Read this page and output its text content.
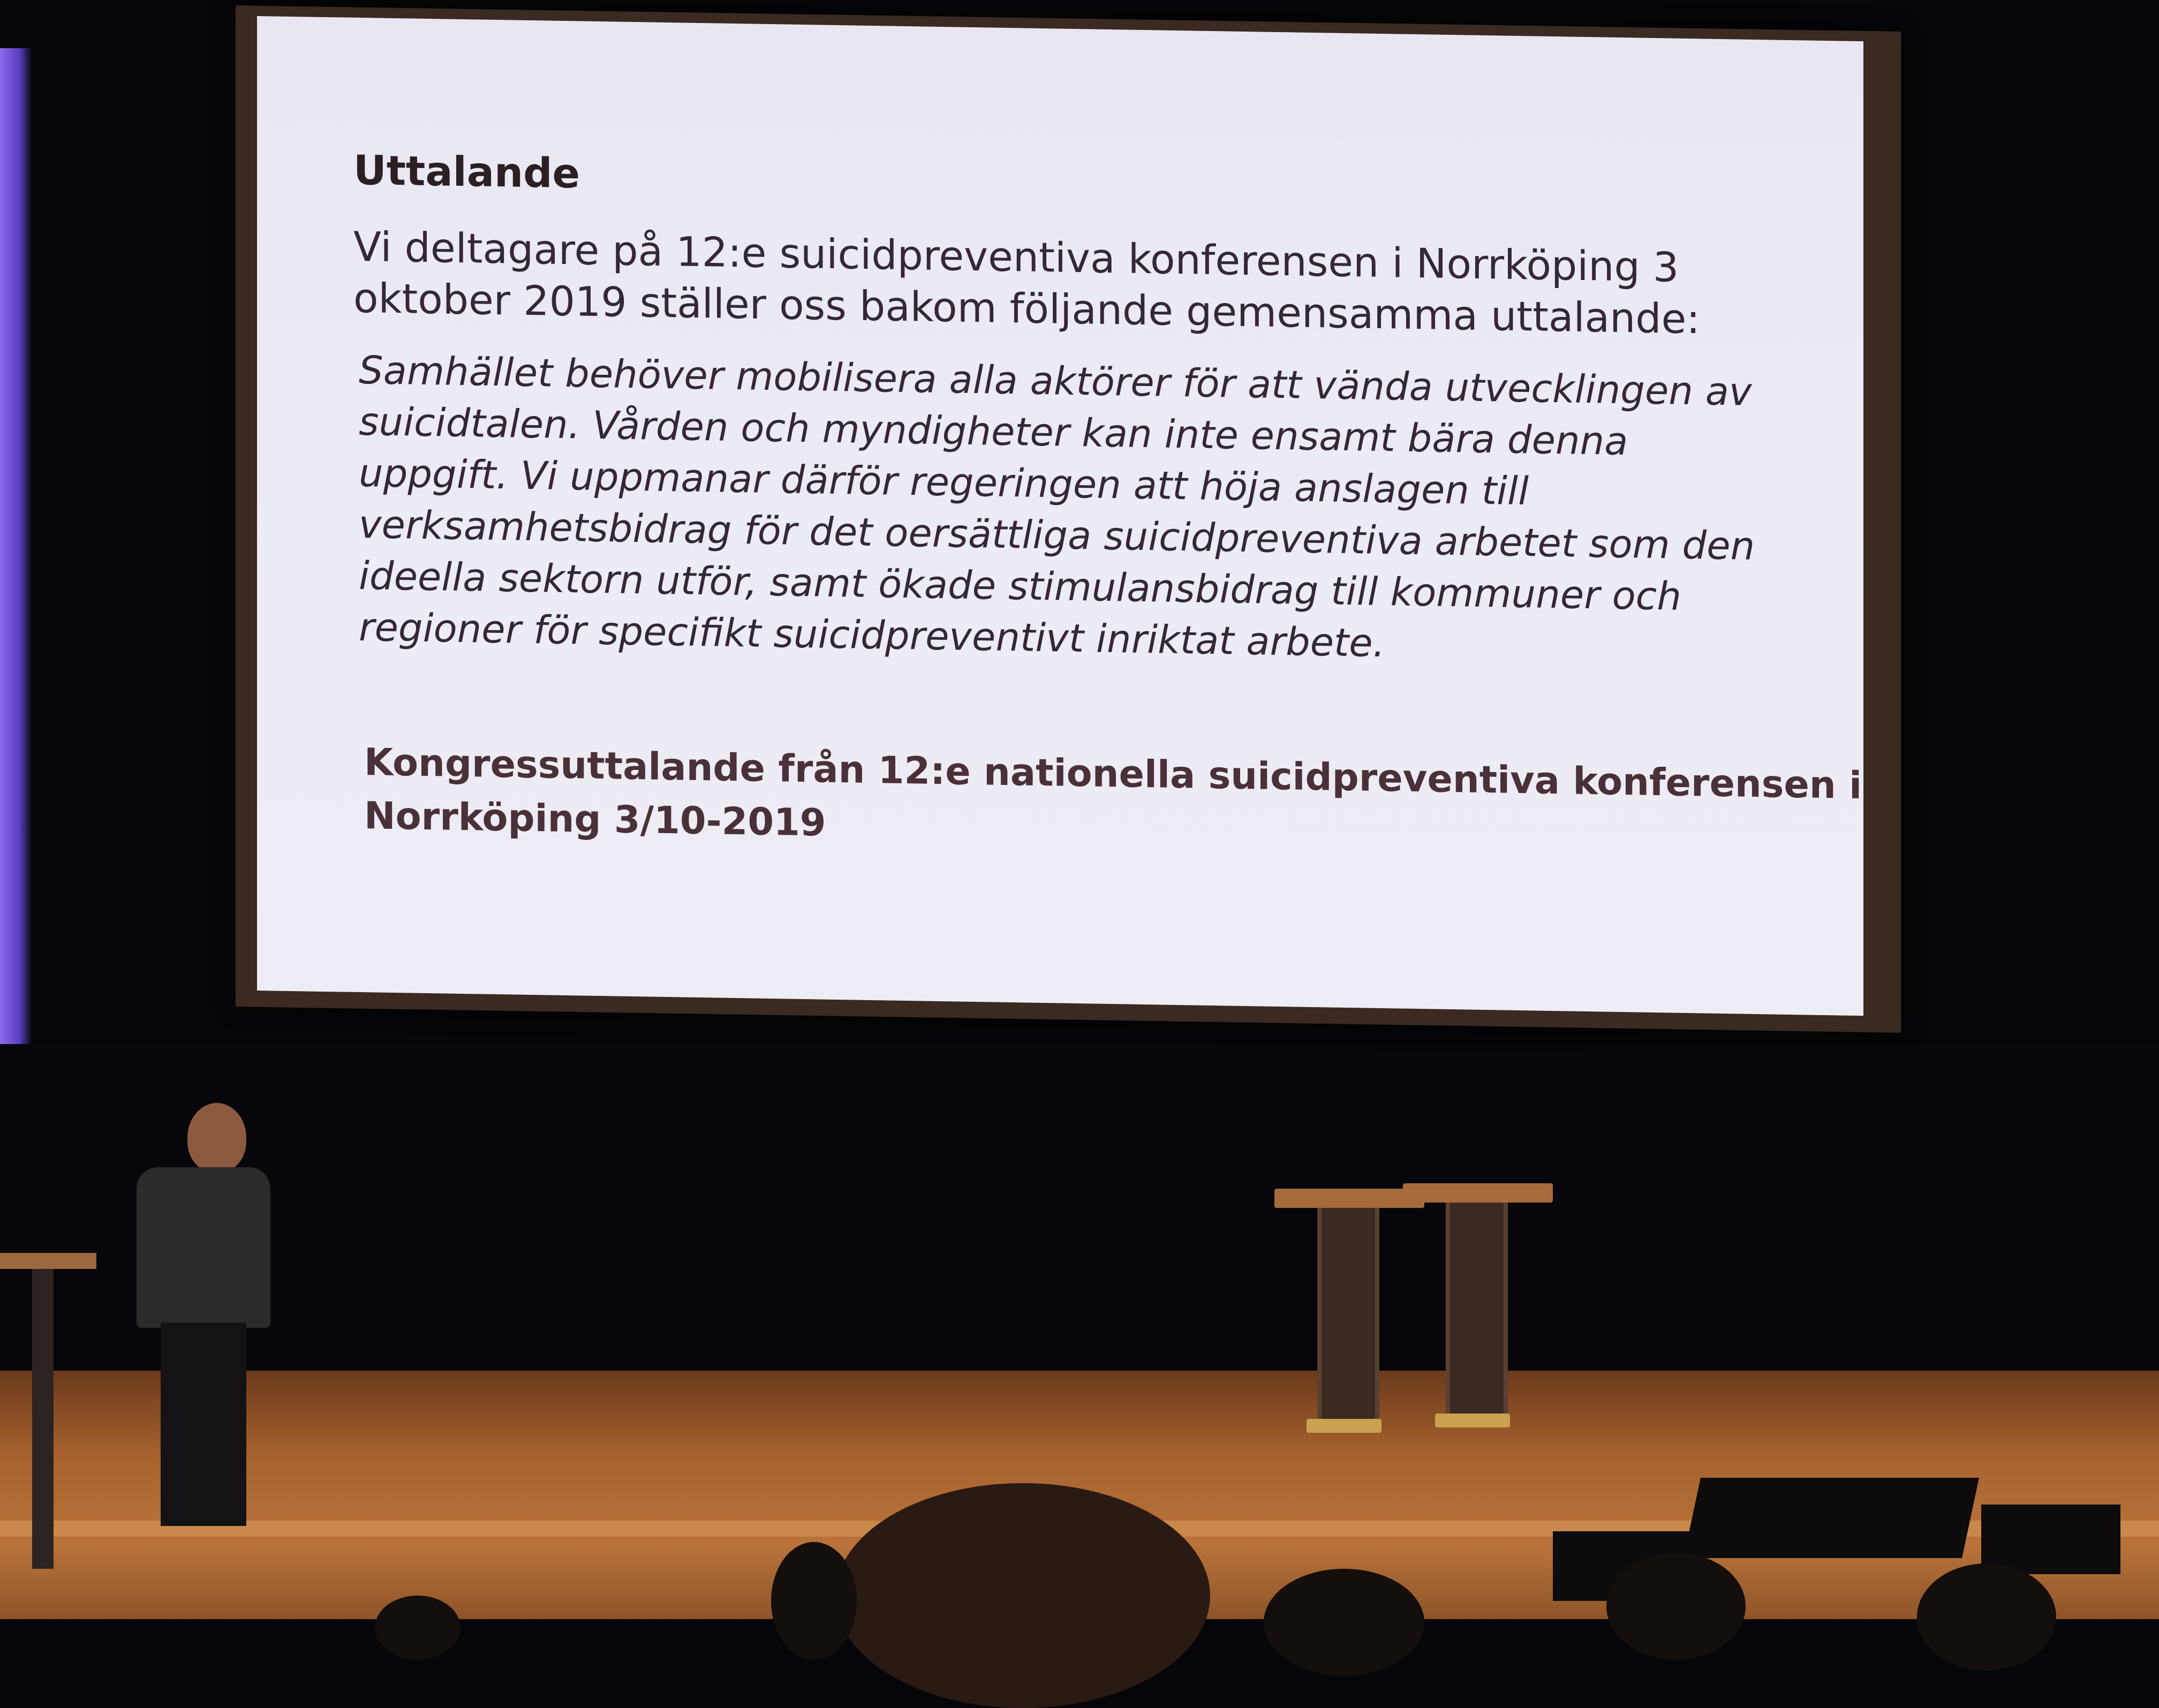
Uttalande
Vi deltagare på 12:e suicidpreventiva konferensen i Norrköping 3
oktober 2019 ställer oss bakom följande gemensamma uttalande:
Samhället behöver mobilisera alla aktörer för att vända utvecklingen av
suicidtalen. Vården och myndigheter kan inte ensamt bära denna
uppgift. Vi uppmanar därför regeringen att höja anslagen till
verksamhetsbidrag för det oersättliga suicidpreventiva arbetet som den
ideella sektorn utför, samt ökade stimulansbidrag till kommuner och
regioner för specifikt suicidpreventivt inriktat arbete.
Kongressuttalande från 12:e nationella suicidpreventiva konferensen i
Norrköping 3/10-2019
